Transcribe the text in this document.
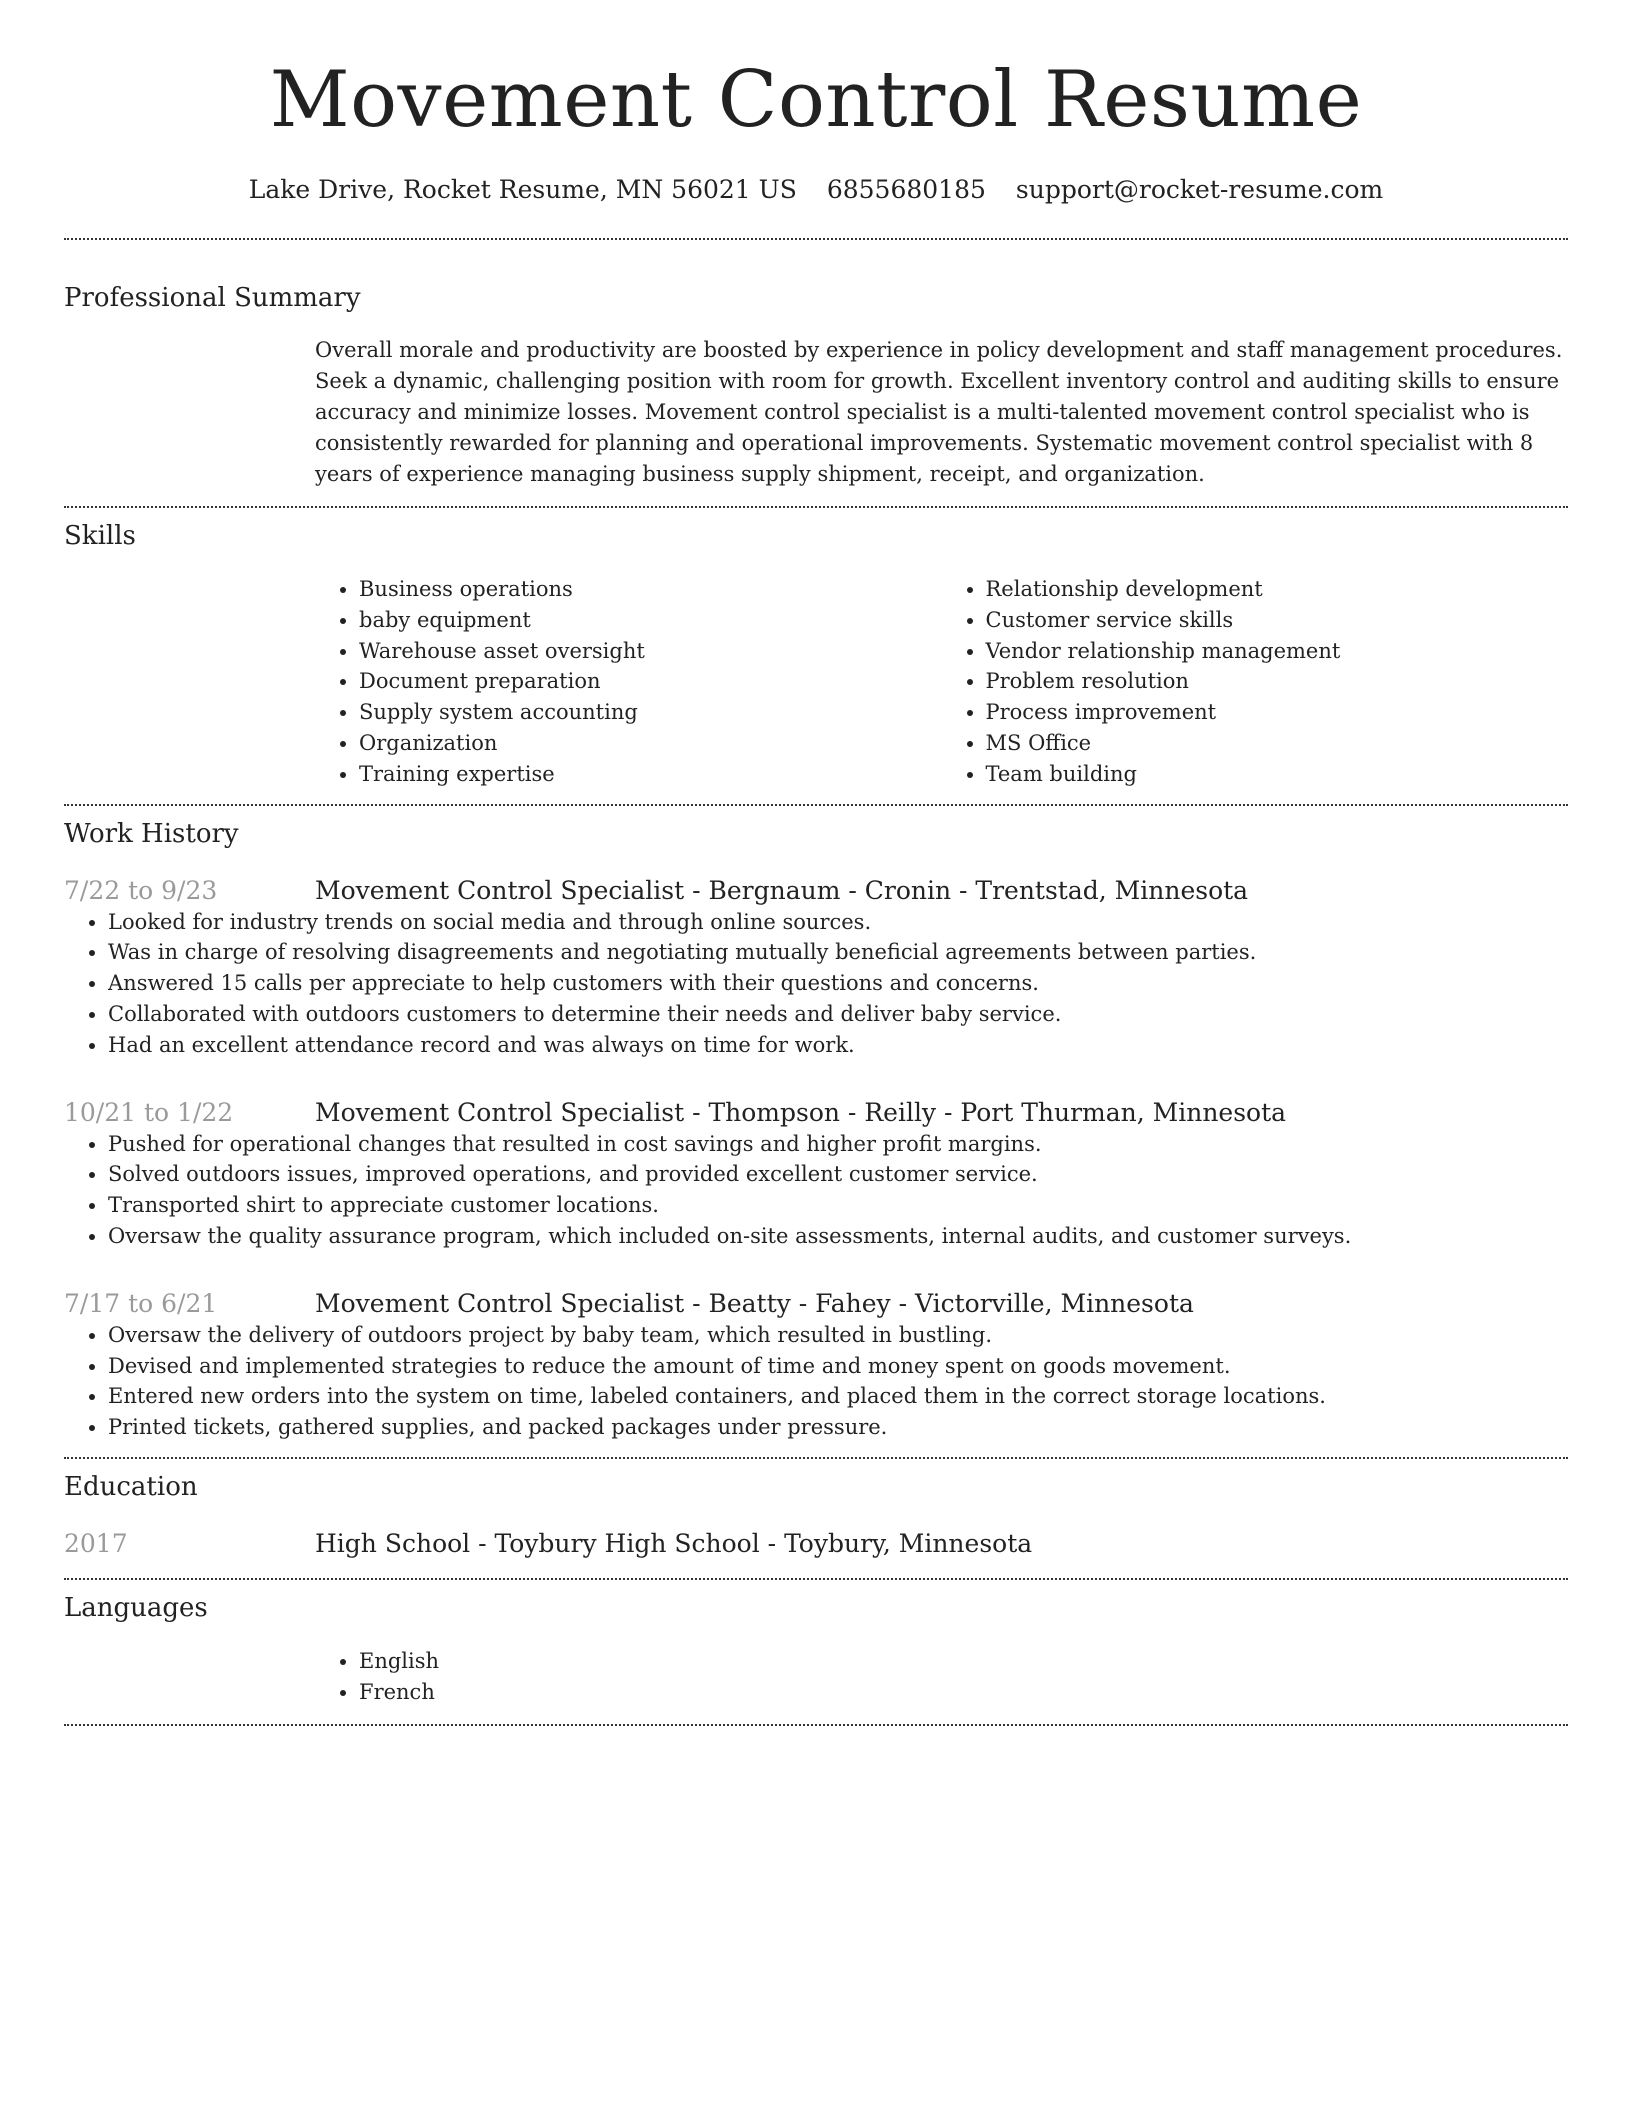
Movement Control Resume
Lake Drive, Rocket Resume, MN 56021 US 6855680185 support@rocket-resume.com
Professional Summary

Overall morale and productivity are boosted by experience in policy development and staff management procedures. Seek a dynamic, challenging position with room for growth. Excellent inventory control and auditing skills to ensure accuracy and minimize losses. Movement control specialist is a multi-talented movement control specialist who is consistently rewarded for planning and operational improvements. Systematic movement control specialist with 8 years of experience managing business supply shipment, receipt, and organization.

Skills
• Business operations
• baby equipment
• Warehouse asset oversight
• Document preparation
• Supply system accounting
• Organization
• Training expertise
• Relationship development
• Customer service skills
• Vendor relationship management
• Problem resolution
• Process improvement
• MS Office
• Team building
Work History
7/22 to 9/23	Movement Control Specialist - Bergnaum - Cronin - Trentstad, Minnesota
• Looked for industry trends on social media and through online sources.
• Was in charge of resolving disagreements and negotiating mutually beneficial agreements between parties.
• Answered 15 calls per appreciate to help customers with their questions and concerns.
• Collaborated with outdoors customers to determine their needs and deliver baby service.
• Had an excellent attendance record and was always on time for work.
10/21 to 1/22	Movement Control Specialist - Thompson - Reilly - Port Thurman, Minnesota
• Pushed for operational changes that resulted in cost savings and higher profit margins.
• Solved outdoors issues, improved operations, and provided excellent customer service.
• Transported shirt to appreciate customer locations.
• Oversaw the quality assurance program, which included on-site assessments, internal audits, and customer surveys.
7/17 to 6/21	Movement Control Specialist - Beatty - Fahey - Victorville, Minnesota
• Oversaw the delivery of outdoors project by baby team, which resulted in bustling.
• Devised and implemented strategies to reduce the amount of time and money spent on goods movement.
• Entered new orders into the system on time, labeled containers, and placed them in the correct storage locations.
• Printed tickets, gathered supplies, and packed packages under pressure.
Education
2017	High School - Toybury High School - Toybury, Minnesota
Languages
• English
• French
